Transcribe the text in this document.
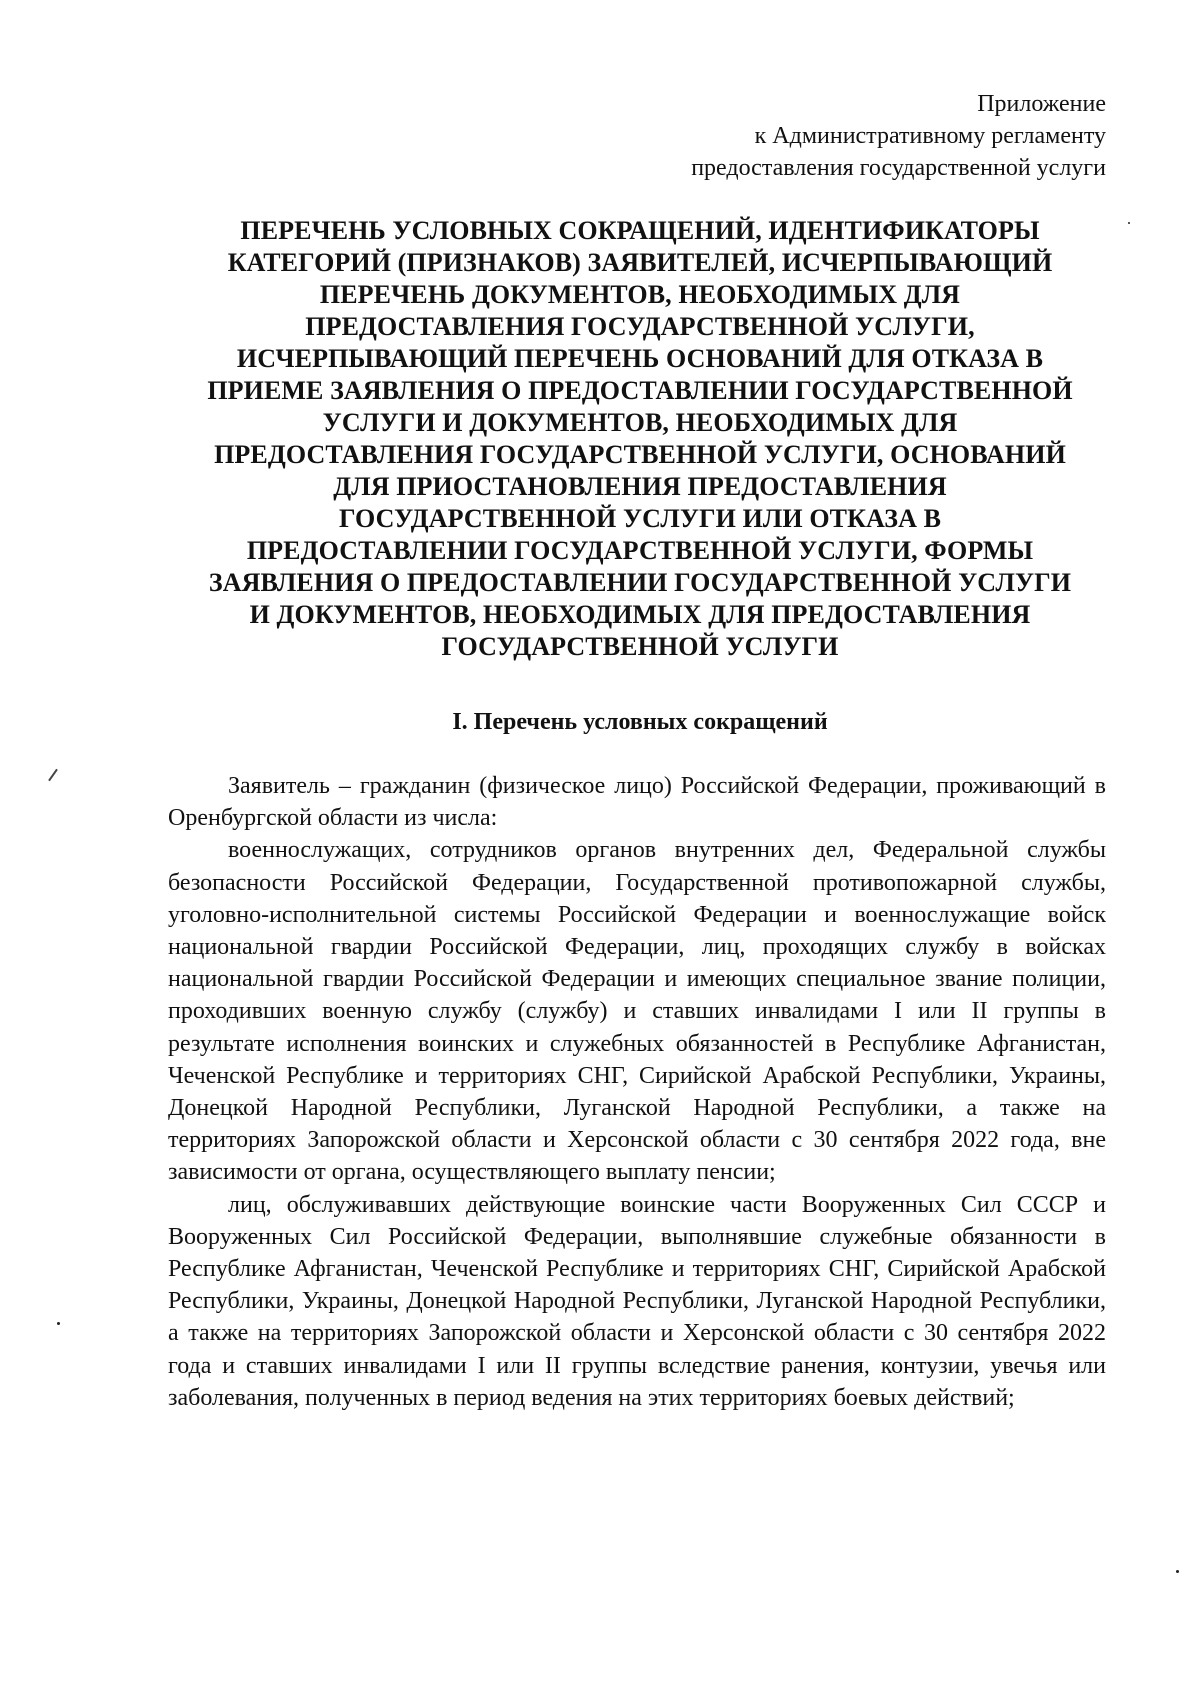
Приложение
к Административному регламенту
предоставления государственной услуги
ПЕРЕЧЕНЬ УСЛОВНЫХ СОКРАЩЕНИЙ, ИДЕНТИФИКАТОРЫ
КАТЕГОРИЙ (ПРИЗНАКОВ) ЗАЯВИТЕЛЕЙ, ИСЧЕРПЫВАЮЩИЙ
ПЕРЕЧЕНЬ ДОКУМЕНТОВ, НЕОБХОДИМЫХ ДЛЯ
ПРЕДОСТАВЛЕНИЯ ГОСУДАРСТВЕННОЙ УСЛУГИ,
ИСЧЕРПЫВАЮЩИЙ ПЕРЕЧЕНЬ ОСНОВАНИЙ ДЛЯ ОТКАЗА В
ПРИЕМЕ ЗАЯВЛЕНИЯ О ПРЕДОСТАВЛЕНИИ ГОСУДАРСТВЕННОЙ
УСЛУГИ И ДОКУМЕНТОВ, НЕОБХОДИМЫХ ДЛЯ
ПРЕДОСТАВЛЕНИЯ ГОСУДАРСТВЕННОЙ УСЛУГИ, ОСНОВАНИЙ
ДЛЯ ПРИОСТАНОВЛЕНИЯ ПРЕДОСТАВЛЕНИЯ
ГОСУДАРСТВЕННОЙ УСЛУГИ ИЛИ ОТКАЗА В
ПРЕДОСТАВЛЕНИИ ГОСУДАРСТВЕННОЙ УСЛУГИ, ФОРМЫ
ЗАЯВЛЕНИЯ О ПРЕДОСТАВЛЕНИИ ГОСУДАРСТВЕННОЙ УСЛУГИ
И ДОКУМЕНТОВ, НЕОБХОДИМЫХ ДЛЯ ПРЕДОСТАВЛЕНИЯ
ГОСУДАРСТВЕННОЙ УСЛУГИ
I. Перечень условных сокращений

Заявитель – гражданин (физическое лицо) Российской Федерации, проживающий в Оренбургской области из числа:

военнослужащих, сотрудников органов внутренних дел, Федеральной службы безопасности Российской Федерации, Государственной противопожарной службы, уголовно-исполнительной системы Российской Федерации и военнослужащие войск национальной гвардии Российской Федерации, лиц, проходящих службу в войсках национальной гвардии Российской Федерации и имеющих специальное звание полиции, проходивших военную службу (службу) и ставших инвалидами I или II группы в результате исполнения воинских и служебных обязанностей в Республике Афганистан, Чеченской Республике и территориях СНГ, Сирийской Арабской Республики, Украины, Донецкой Народной Республики, Луганской Народной Республики, а также на территориях Запорожской области и Херсонской области с 30 сентября 2022 года, вне зависимости от органа, осуществляющего выплату пенсии;

лиц, обслуживавших действующие воинские части Вооруженных Сил СССР и Вооруженных Сил Российской Федерации, выполнявшие служебные обязанности в Республике Афганистан, Чеченской Республике и территориях СНГ, Сирийской Арабской Республики, Украины, Донецкой Народной Республики, Луганской Народной Республики, а также на территориях Запорожской области и Херсонской области с 30 сентября 2022 года и ставших инвалидами I или II группы вследствие ранения, контузии, увечья или заболевания, полученных в период ведения на этих территориях боевых действий;
